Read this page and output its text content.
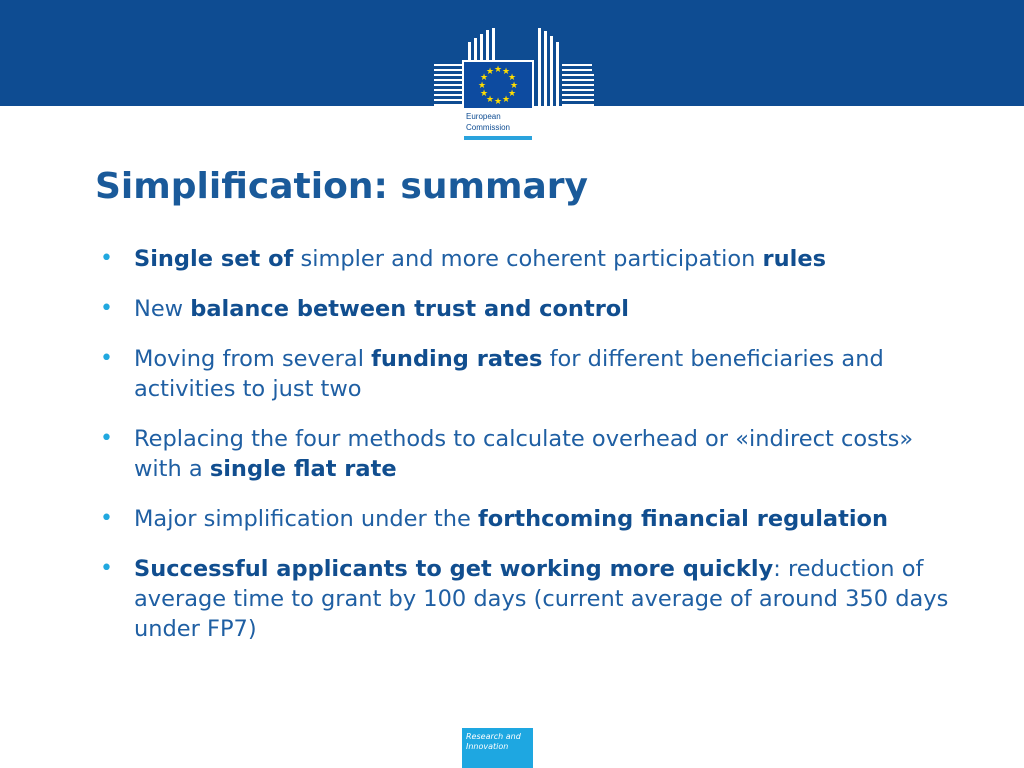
★ ★
★
★
★
★
★
★
★
★
★
★
European
Commission
Simplification: summary
• Single set of simpler and more coherent participation rules
• New balance between trust and control
• Moving from several funding rates for different beneficiaries and activities to just two
• Replacing the four methods to calculate overhead or «indirect costs» with a single flat rate
• Major simplification under the forthcoming financial regulation
• Successful applicants to get working more quickly: reduction of average time to grant by 100 days (current average of around 350 days under FP7)
Research and
Innovation
